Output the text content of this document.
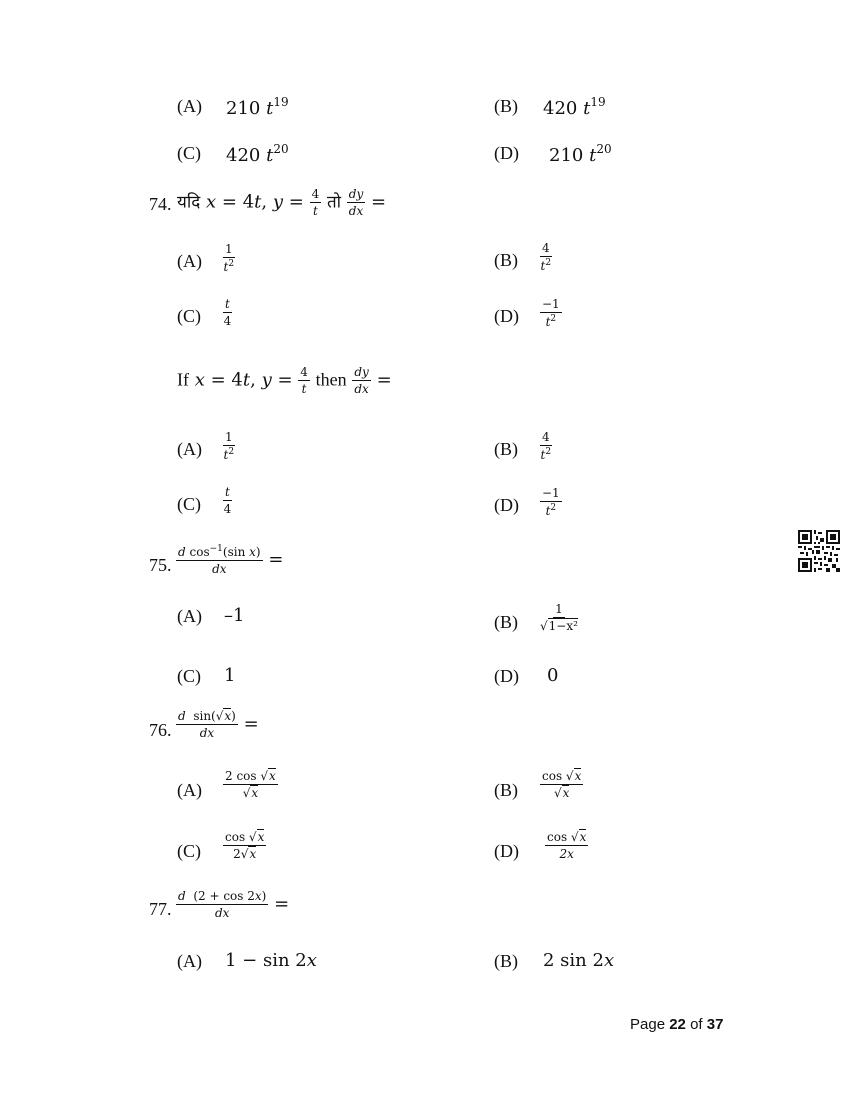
(A) 210 $t^{19}$	(B) 420 $t^{19}$
(C) 420 $t^{20}$	(D) 210 $t^{20}$
74. यदि x = 4t, $y = \frac{4}{t}$ तो $\frac{dy}{dx}$ =
$(A) \frac{1}{t^2}$	$(B) \frac{4}{t^2}$
$(C) \frac{t}{4}$	$(D) \frac{-1}{t^2}$
If x = 4t, $y = \frac{4}{t}$ then $\frac{dy}{dx}$ =
$(A) \frac{1}{t^2}$	$(B) \frac{4}{t^2}$
$(C) \frac{t}{4}$	$(D) \frac{-1}{t^2}$
75. $\frac{d \cos^{-1}(\sin x)}{dx}$ =
(A) –1	$(B) \frac{1}{\text{√1−x²}}$
(C) 1	(D) 0
76. $\frac{\text{d  sin(√x)}}{dx}$ =
$(A) \frac{2 \cos √x}{√x}$	$(B) \frac{\cos √x}{√x}$
$(C) \frac{\cos √x}{2√x}$	$(D) \frac{\cos √x}{2x}$
77. $\frac{d (2 + \cos 2x)}{dx}$ =
(A) 1 − sin 2x	(B) 2 sin 2x
Page 22 of 37
